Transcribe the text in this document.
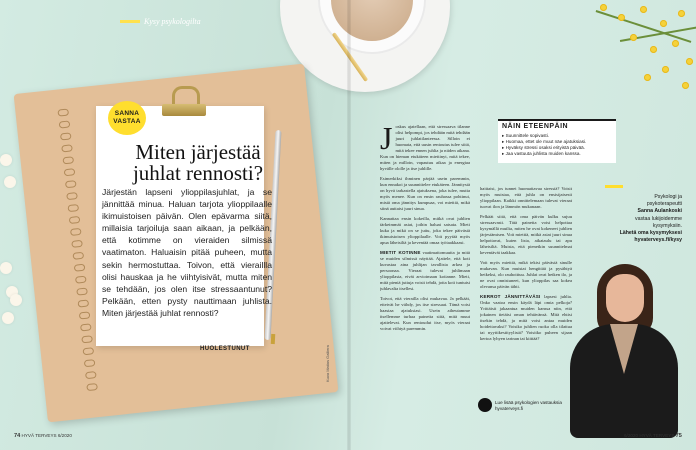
Kysy psykologilta
SANNA
VASTAA
Miten järjestää
juhlat rennosti?

Järjestän lapseni ylioppilasjuhlat, ja se jännittää minua. Haluan tarjota ylioppilaalle ikimuistoisen päivän. Olen epävarma siitä, millaisia tarjoiluja saan aikaan, ja pelkään, että kotimme on vieraiden silmissä vaatimaton. Haluaisin pitää puheen, mutta sekin hermostuttaa. Toivon, että vieraillla olisi hauskaa ja he viihtyisivät, mutta miten se tehdään, jos olen itse stressaantunut? Pelkään, etten pysty nauttimaan juhlista. Miten järjestää juhlat rennosti?

HUOLESTUNUT	Kuva Matias Galliera
74 HYVÄ TERVEYS 6/2020
J oskus ajatellaan, että stressaava tilanne olisi helpompi, jos tehdään mitä tehdään juuri juhlatilanteessa. Silloin ei huomata, että uusin rentoutus tulee siitä, mitä tekee ennen juhlia ja niiden aikana. Kun on hieman etukäteen miettinyt, mitä tekee, miten ja milloin, vapautuu aikaa ja energiaa hyvälle ololle ja itse juhlille.

Esimerkiksi ihminen pärjää usein paremmin, kun ennakoi ja suunnittelee etukäteen. Jännitystä on hyvä tarkastella ajatuksena, joka tulee, mutta myös menee. Kun on ensin rauhassa pohtinut, mistä oma jännitys kumpuaa, voi miettiä, mikä siinä auttaisi juuri sinua.

Kannattaa ensin kokeilla, mitkä ovat juhlien tärkeimmät asiat, joihin haluat satsata. Mieti kuka ja mikä on se juttu, joka tekee päivästä ikimuistoisen ylioppilaalle. Voit pyytää myös apua läheisiltä ja keventää omaa työtaakkaasi.

MIETIT KOTINNE vaatimattomuutta ja mitä se muiden silmissä näyttää. Ajattele, että koti kuvastaa aina juhlijan tavallista arkea ja persoonaa. Vieraat tulevat juhlimaan ylioppilasta, eivät arvioimaan kotianne. Mieti, mitä pieniä juttuja voisit tehdä, jotta koti tuntuisi juhlavalta itsellesi.

Toivot, että vierailla olisi mukavaa. Ja pelkäät, etteivät he viihdy, jos itse stressaat. Tämä voisi haastaa ajatuksiasi. Usein aiheutamme itsellemme turhaa painetta siitä, mitä muut ajattelevat. Kun rentoudut itse, myös vieraat voivat viihtyä paremmin.

haittaisi, jos tunnet huomattavaa stressiä? Voisit myös muistaa, että juhla on ensisijaisesti ylioppilaan. Kaikki onnittelemaan tulevat vieraat tuovat ilon ja lämmön mukanaan.

Pelkäät siitä, että oma päivän kulku sujuu stressaavasti. Tätä painetta voisi helpottaa kysymällä muilta, miten he ovat kokeneet juhlien järjestämisen. Voit miettiä, mitkä asiat juuri sinua helpottavat, kuten lista, aikataulu tai apu läheisiltä. Muista, että pienetkin suunnitelmat keventävät taakkaa.

Voit myös miettiä, mikä tekisi päivästä sinulle mukavan. Kun muistat hengittää ja pysähtyä hetkeksi, olo rauhoittuu. Juhlat ovat hetken ilo, ja ne ovat onnistuneet, kun ylioppilas saa kokea olevansa päivän tähti.

KERROT JÄNNITTÄVÄSI lapsesi juhlia. Onko vaatoa ensin käydä läpi omia pelkoja? Yrittäisit jakaantua muiden kanssa niin, että jokainen tietäisi oman tehtävänsä. Mitä ehtisi itsekin tehdä, ja mitä voisi antaa muiden hoidettavaksi? Voisiko juhlien ruoka olla tilattua tai nyyttikestityylistä? Voisitko puheen sijaan kertoa lyhyen tarinan tai kiittää?

NÄIN ETEENPÄIN
▸ Suunnittele sopivasti.
▸ Huomaa, ettet ole muut näe ajatuksiasi.
▸ Hyväksy stressi osaksi erityistä päivää.
▸ Jaa vastuuta juhlista muiden kanssa.
Psykologi ja
psykoterapeutti

Sanna Aulankoski
vastaa lukijoidemme
kysymyksiin.

Lähetä oma kysymyksesi
hyvaterveys.fi/kysy
Lue lisää psykologien vastauksia hyvaterveys.fi
6/2020 HYVÄ TERVEYS 75
